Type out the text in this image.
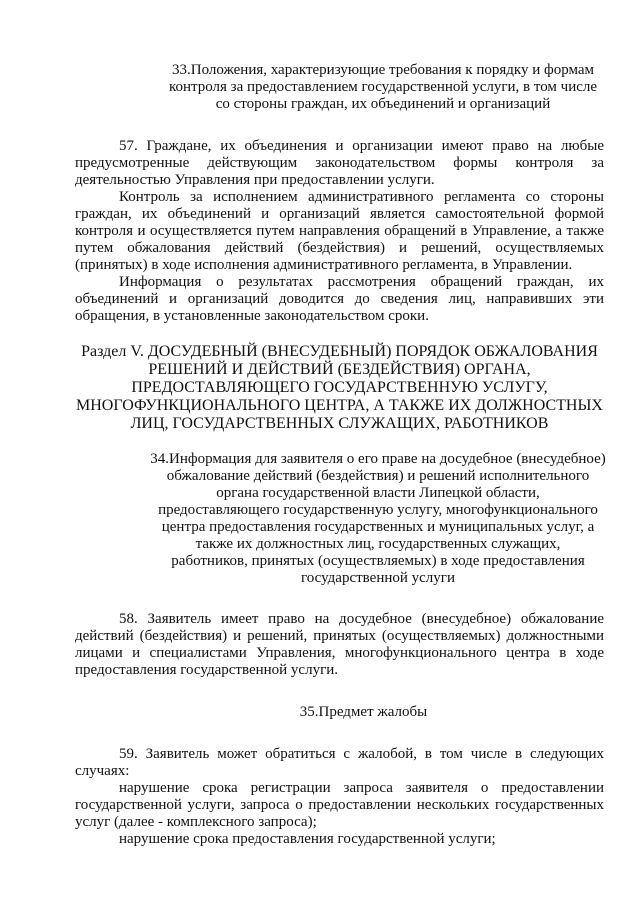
33.Положения, характеризующие требования к порядку и формам
контроля за предоставлением государственной услуги, в том числе
со стороны граждан, их объединений и организаций

57. Граждане, их объединения и организации имеют право на любые предусмотренные действующим законодательством формы контроля за деятельностью Управления при предоставлении услуги.

Контроль за исполнением административного регламента со стороны граждан, их объединений и организаций является самостоятельной формой контроля и осуществляется путем направления обращений в Управление, а также путем обжалования действий (бездействия) и решений, осуществляемых (принятых) в ходе исполнения административного регламента, в Управлении.

Информация о результатах рассмотрения обращений граждан, их объединений и организаций доводится до сведения лиц, направивших эти обращения, в установленные законодательством сроки.

Раздел V. ДОСУДЕБНЫЙ (ВНЕСУДЕБНЫЙ) ПОРЯДОК ОБЖАЛОВАНИЯ
РЕШЕНИЙ И ДЕЙСТВИЙ (БЕЗДЕЙСТВИЯ) ОРГАНА,
ПРЕДОСТАВЛЯЮЩЕГО ГОСУДАРСТВЕННУЮ УСЛУГУ,
МНОГОФУНКЦИОНАЛЬНОГО ЦЕНТРА, А ТАКЖЕ ИХ ДОЛЖНОСТНЫХ
ЛИЦ, ГОСУДАРСТВЕННЫХ СЛУЖАЩИХ, РАБОТНИКОВ
34.Информация для заявителя о его праве на досудебное (внесудебное)
обжалование действий (бездействия) и решений исполнительного
органа государственной власти Липецкой области,
предоставляющего государственную услугу, многофункционального
центра предоставления государственных и муниципальных услуг, а
также их должностных лиц, государственных служащих,
работников, принятых (осуществляемых) в ходе предоставления
государственной услуги

58. Заявитель имеет право на досудебное (внесудебное) обжалование действий (бездействия) и решений, принятых (осуществляемых) должностными лицами и специалистами Управления, многофункционального центра в ходе предоставления государственной услуги.

35.Предмет жалобы

59. Заявитель может обратиться с жалобой, в том числе в следующих случаях:

нарушение срока регистрации запроса заявителя о предоставлении государственной услуги, запроса о предоставлении нескольких государственных услуг (далее - комплексного запроса);

нарушение срока предоставления государственной услуги;
